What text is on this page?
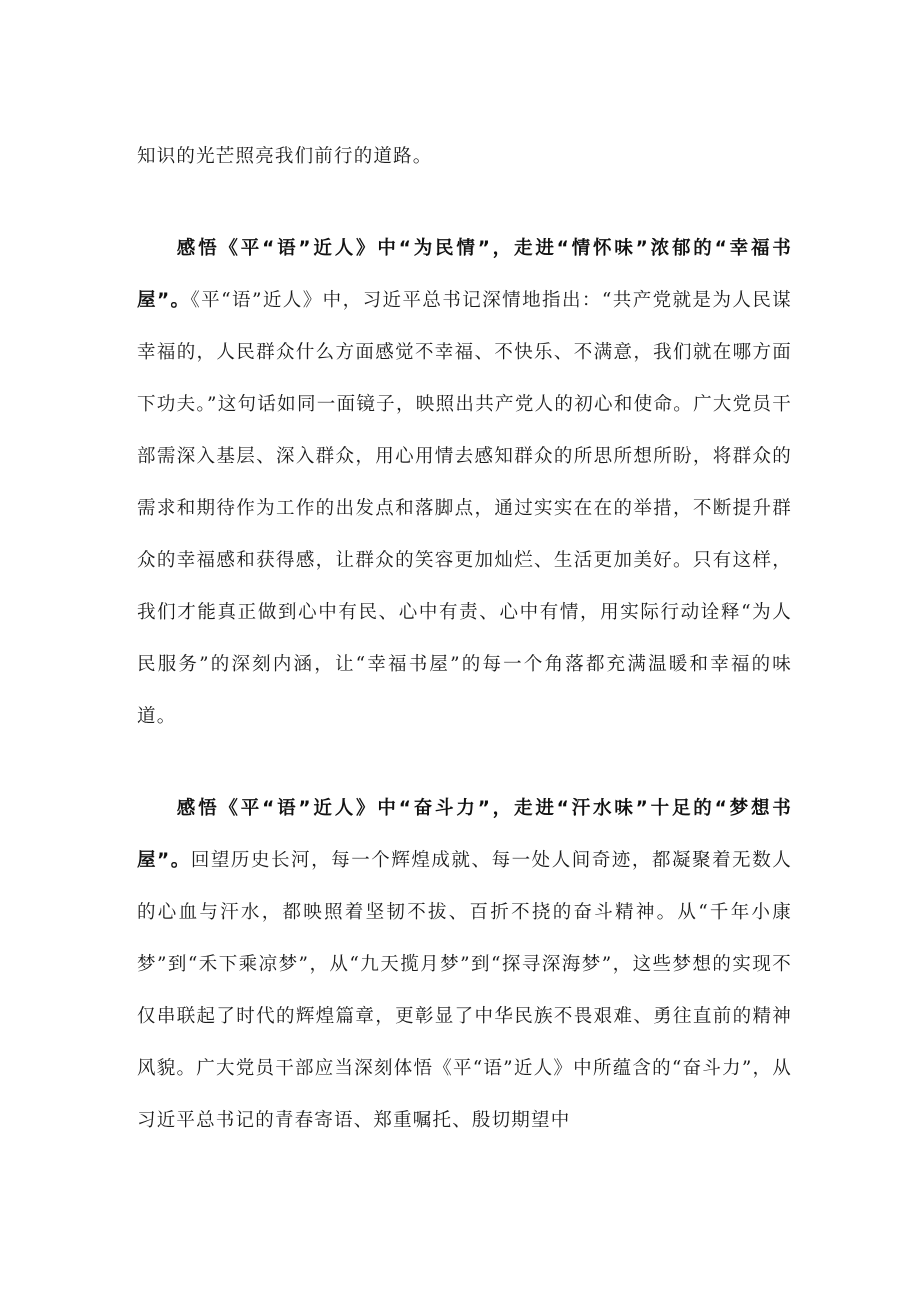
知识的光芒照亮我们前行的道路。

感悟《平“语”近人》中“为民情”，走进“情怀味”浓郁的“幸福书屋”。《平“语”近人》中，习近平总书记深情地指出：“共产党就是为人民谋幸福的，人民群众什么方面感觉不幸福、不快乐、不满意，我们就在哪方面下功夫。”这句话如同一面镜子，映照出共产党人的初心和使命。广大党员干部需深入基层、深入群众，用心用情去感知群众的所思所想所盼，将群众的需求和期待作为工作的出发点和落脚点，通过实实在在的举措，不断提升群众的幸福感和获得感，让群众的笑容更加灿烂、生活更加美好。只有这样，我们才能真正做到心中有民、心中有责、心中有情，用实际行动诠释“为人民服务”的深刻内涵，让“幸福书屋”的每一个角落都充满温暖和幸福的味道。

感悟《平“语”近人》中“奋斗力”，走进“汗水味”十足的“梦想书屋”。回望历史长河，每一个辉煌成就、每一处人间奇迹，都凝聚着无数人的心血与汗水，都映照着坚韧不拔、百折不挠的奋斗精神。从“千年小康梦”到“禾下乘凉梦”，从“九天揽月梦”到“探寻深海梦”，这些梦想的实现不仅串联起了时代的辉煌篇章，更彰显了中华民族不畏艰难、勇往直前的精神风貌。广大党员干部应当深刻体悟《平“语”近人》中所蕴含的“奋斗力”，从习近平总书记的青春寄语、郑重嘱托、殷切期望中
